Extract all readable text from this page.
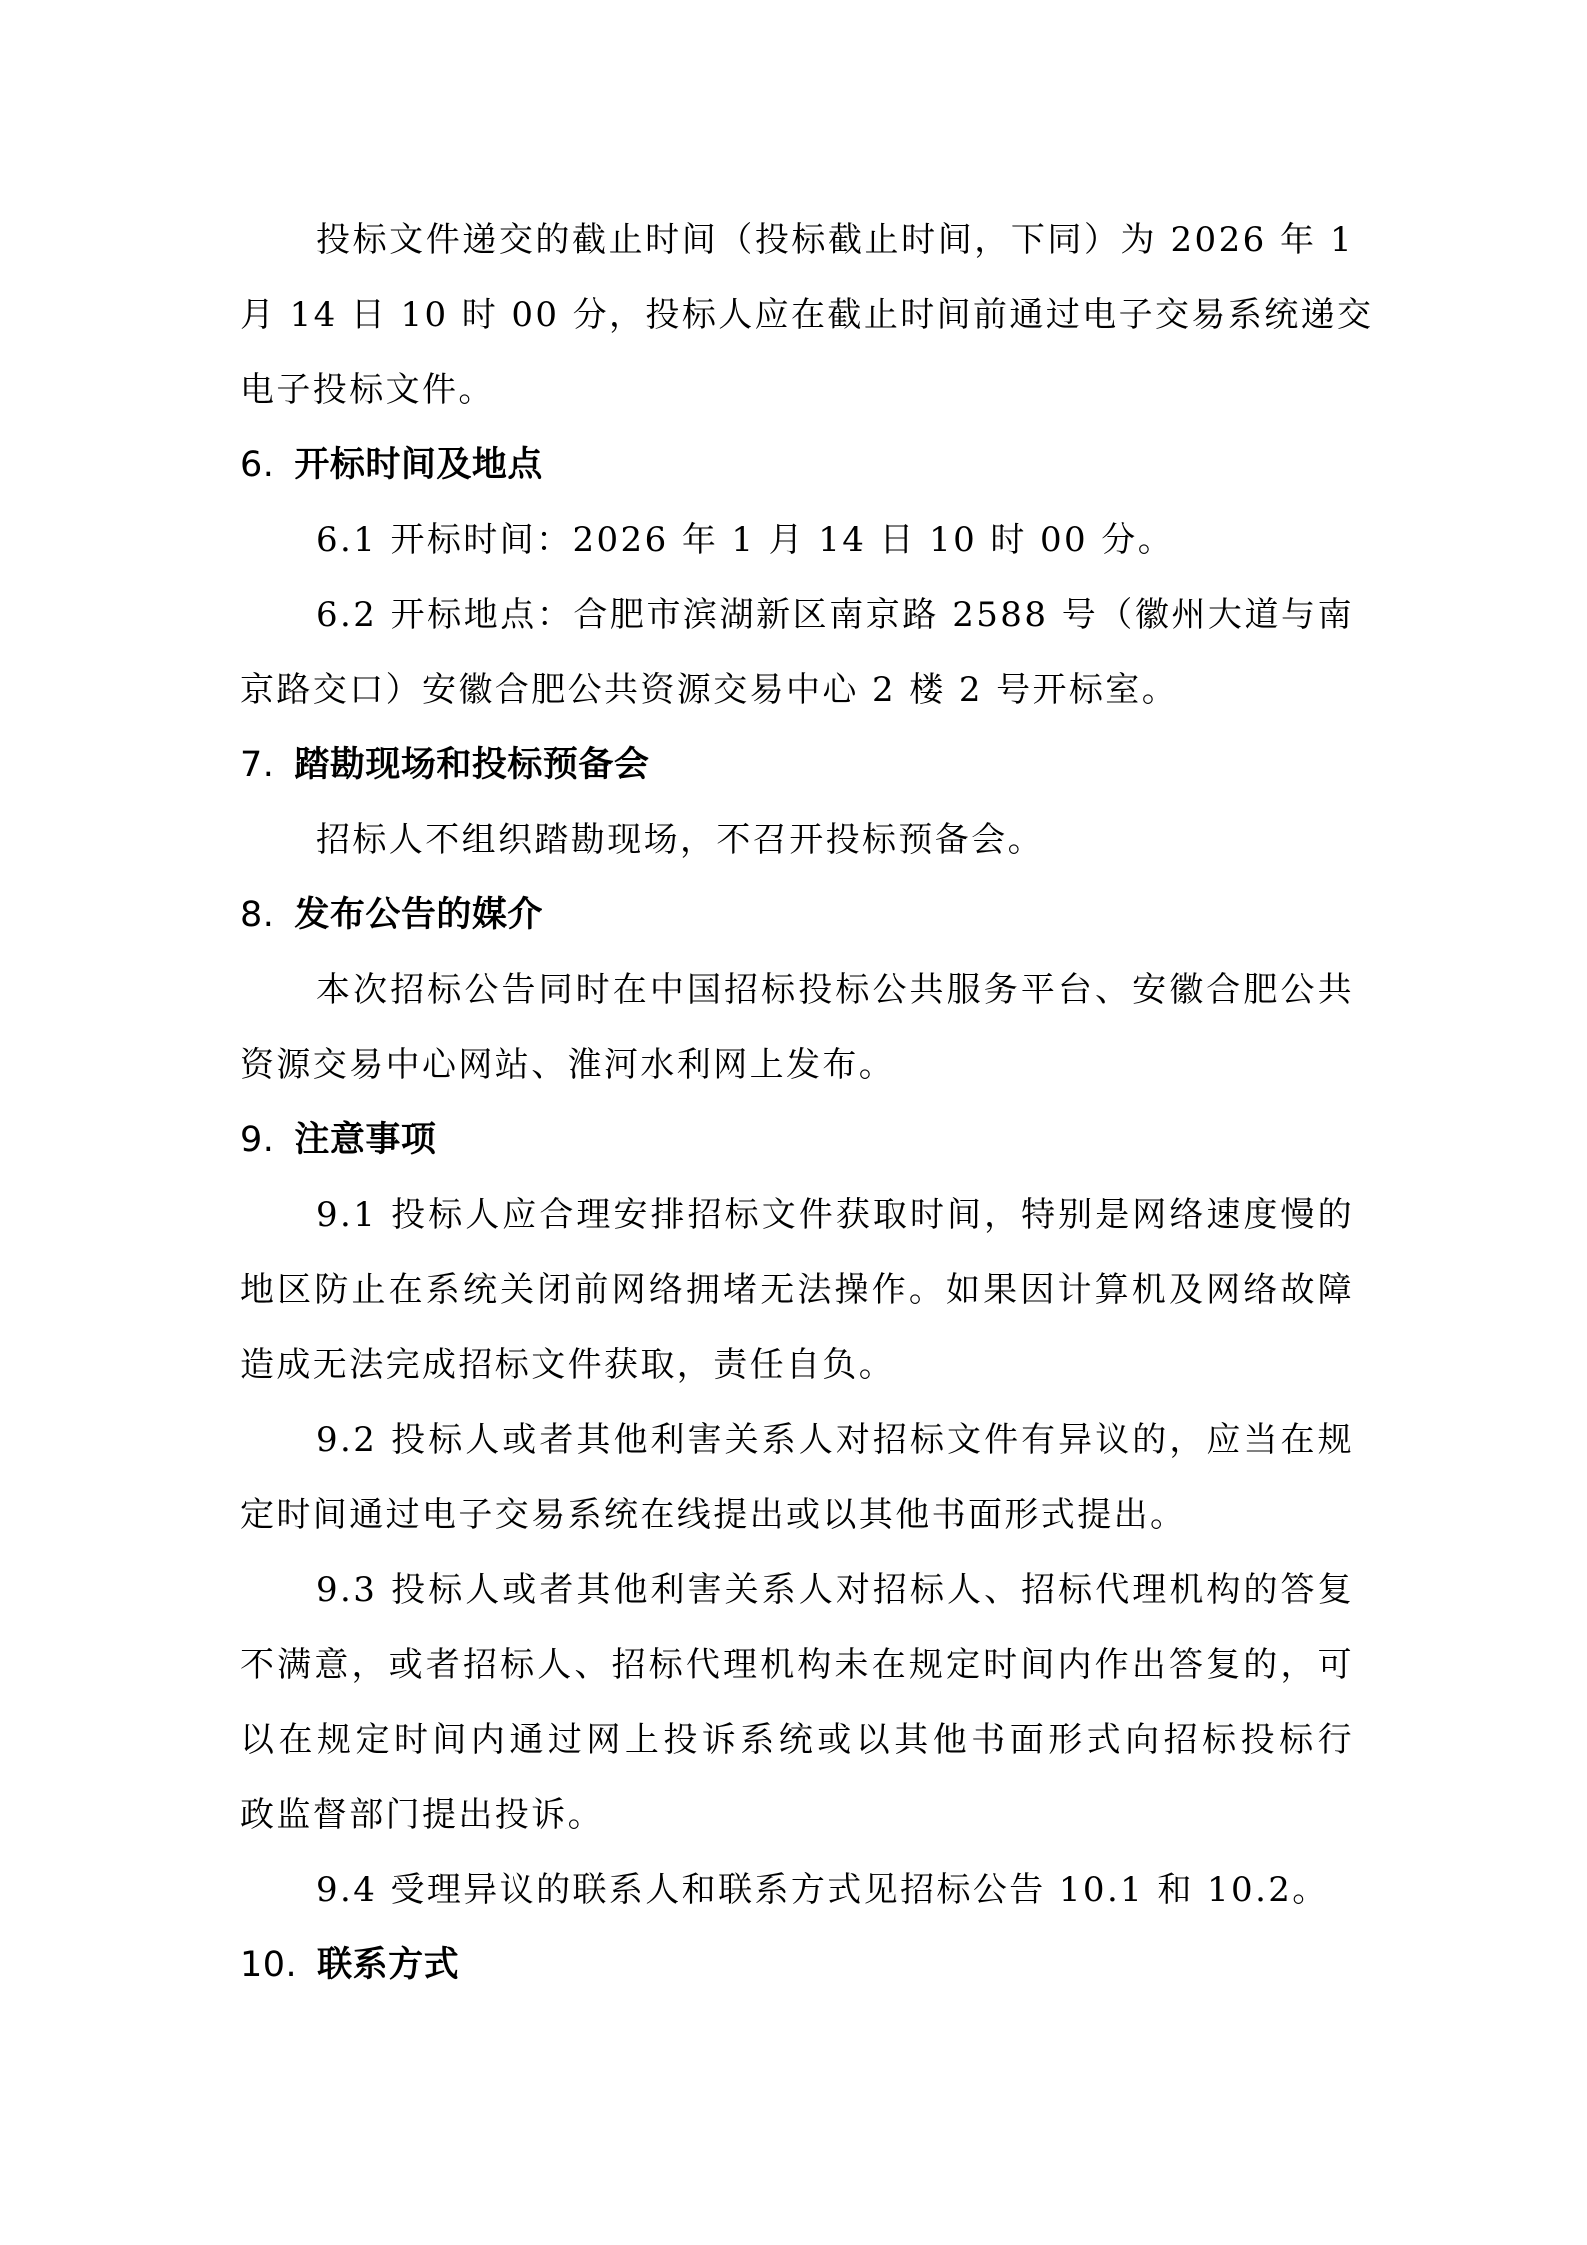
投标文件递交的截止时间（投标截止时间，下同）为 2026 年 1
月 14 日 10 时 00 分，投标人应在截止时间前通过电子交易系统递交
电子投标文件。
6. 开标时间及地点
6.1 开标时间：2026 年 1 月 14 日 10 时 00 分。
6.2 开标地点：合肥市滨湖新区南京路 2588 号（徽州大道与南
京路交口）安徽合肥公共资源交易中心 2 楼 2 号开标室。
7. 踏勘现场和投标预备会
招标人不组织踏勘现场，不召开投标预备会。
8. 发布公告的媒介
本次招标公告同时在中国招标投标公共服务平台、安徽合肥公共
资源交易中心网站、淮河水利网上发布。
9. 注意事项
9.1 投标人应合理安排招标文件获取时间，特别是网络速度慢的
地区防止在系统关闭前网络拥堵无法操作。如果因计算机及网络故障
造成无法完成招标文件获取，责任自负。
9.2 投标人或者其他利害关系人对招标文件有异议的，应当在规
定时间通过电子交易系统在线提出或以其他书面形式提出。
9.3 投标人或者其他利害关系人对招标人、招标代理机构的答复
不满意，或者招标人、招标代理机构未在规定时间内作出答复的，可
以在规定时间内通过网上投诉系统或以其他书面形式向招标投标行
政监督部门提出投诉。
9.4 受理异议的联系人和联系方式见招标公告 10.1 和 10.2。
10. 联系方式
